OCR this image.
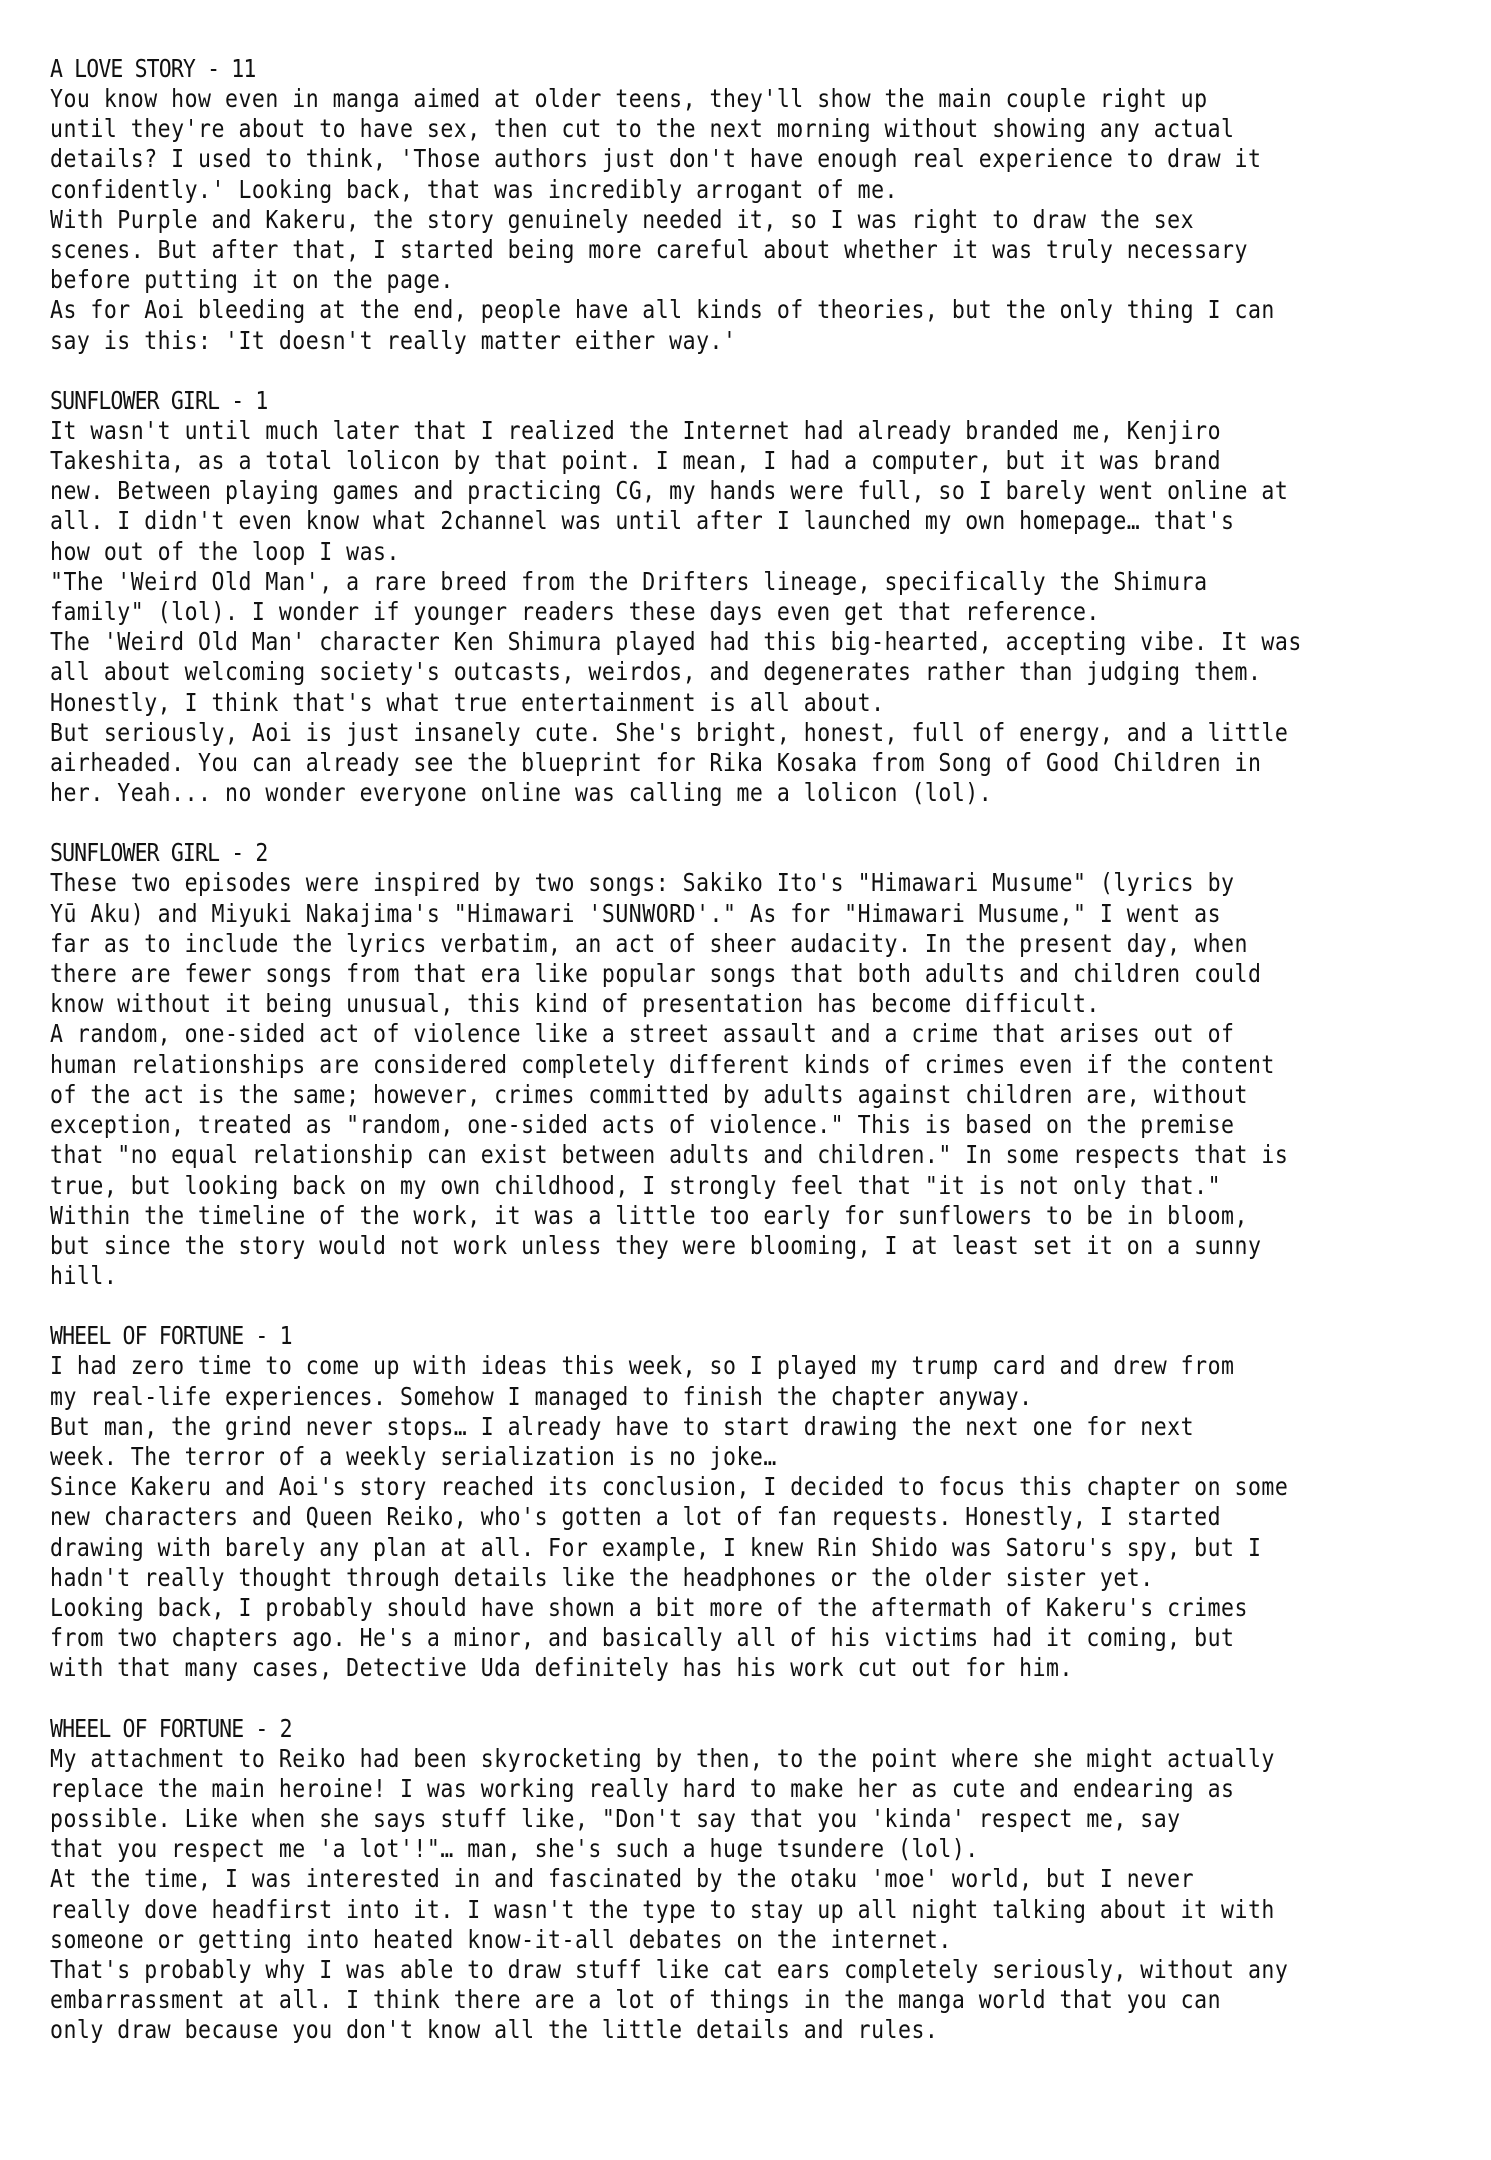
A LOVE STORY - 11
You know how even in manga aimed at older teens, they'll show the main couple right up
until they're about to have sex, then cut to the next morning without showing any actual
details? I used to think, 'Those authors just don't have enough real experience to draw it
confidently.' Looking back, that was incredibly arrogant of me.
With Purple and Kakeru, the story genuinely needed it, so I was right to draw the sex
scenes. But after that, I started being more careful about whether it was truly necessary
before putting it on the page.
As for Aoi bleeding at the end, people have all kinds of theories, but the only thing I can
say is this: 'It doesn't really matter either way.'
SUNFLOWER GIRL - 1
It wasn't until much later that I realized the Internet had already branded me, Kenjiro
Takeshita, as a total lolicon by that point. I mean, I had a computer, but it was brand
new. Between playing games and practicing CG, my hands were full, so I barely went online at
all. I didn't even know what 2channel was until after I launched my own homepage… that's
how out of the loop I was.
"The 'Weird Old Man', a rare breed from the Drifters lineage, specifically the Shimura
family" (lol). I wonder if younger readers these days even get that reference.
The 'Weird Old Man' character Ken Shimura played had this big-hearted, accepting vibe. It was
all about welcoming society's outcasts, weirdos, and degenerates rather than judging them.
Honestly, I think that's what true entertainment is all about.
But seriously, Aoi is just insanely cute. She's bright, honest, full of energy, and a little
airheaded. You can already see the blueprint for Rika Kosaka from Song of Good Children in
her. Yeah... no wonder everyone online was calling me a lolicon (lol).
SUNFLOWER GIRL - 2
These two episodes were inspired by two songs: Sakiko Ito's "Himawari Musume" (lyrics by
Yū Aku) and Miyuki Nakajima's "Himawari 'SUNWORD'." As for "Himawari Musume," I went as
far as to include the lyrics verbatim, an act of sheer audacity. In the present day, when
there are fewer songs from that era like popular songs that both adults and children could
know without it being unusual, this kind of presentation has become difficult.
A random, one-sided act of violence like a street assault and a crime that arises out of
human relationships are considered completely different kinds of crimes even if the content
of the act is the same; however, crimes committed by adults against children are, without
exception, treated as "random, one-sided acts of violence." This is based on the premise
that "no equal relationship can exist between adults and children." In some respects that is
true, but looking back on my own childhood, I strongly feel that "it is not only that."
Within the timeline of the work, it was a little too early for sunflowers to be in bloom,
but since the story would not work unless they were blooming, I at least set it on a sunny
hill.
WHEEL OF FORTUNE - 1
I had zero time to come up with ideas this week, so I played my trump card and drew from
my real-life experiences. Somehow I managed to finish the chapter anyway.
But man, the grind never stops… I already have to start drawing the next one for next
week. The terror of a weekly serialization is no joke…
Since Kakeru and Aoi's story reached its conclusion, I decided to focus this chapter on some
new characters and Queen Reiko, who's gotten a lot of fan requests. Honestly, I started
drawing with barely any plan at all. For example, I knew Rin Shido was Satoru's spy, but I
hadn't really thought through details like the headphones or the older sister yet.
Looking back, I probably should have shown a bit more of the aftermath of Kakeru's crimes
from two chapters ago. He's a minor, and basically all of his victims had it coming, but
with that many cases, Detective Uda definitely has his work cut out for him.
WHEEL OF FORTUNE - 2
My attachment to Reiko had been skyrocketing by then, to the point where she might actually
replace the main heroine! I was working really hard to make her as cute and endearing as
possible. Like when she says stuff like, "Don't say that you 'kinda' respect me, say
that you respect me 'a lot'!"… man, she's such a huge tsundere (lol).
At the time, I was interested in and fascinated by the otaku 'moe' world, but I never
really dove headfirst into it. I wasn't the type to stay up all night talking about it with
someone or getting into heated know-it-all debates on the internet.
That's probably why I was able to draw stuff like cat ears completely seriously, without any
embarrassment at all. I think there are a lot of things in the manga world that you can
only draw because you don't know all the little details and rules.
